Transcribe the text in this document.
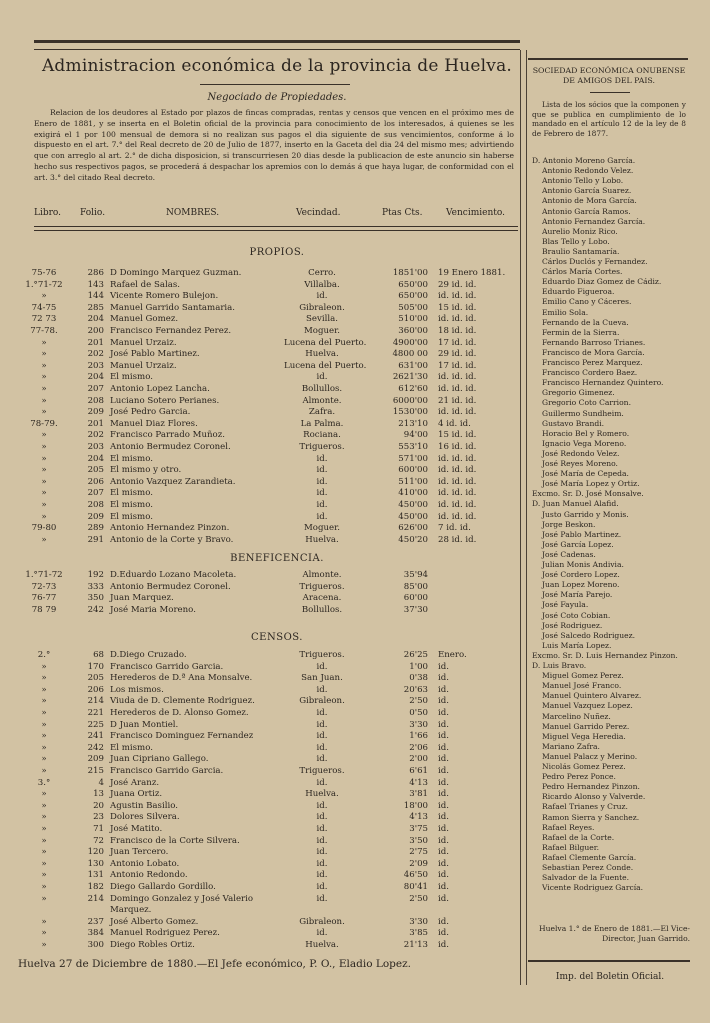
Administracion económica de la provincia de Huelva.
Negociado de Propiedades.
Relacion de los deudores al Estado por plazos de fincas compradas, rentas y censos que vencen en el próximo mes de Enero de 1881, y se inserta en el Boletin oficial de la provincia para conocimiento de los interesados, á quienes se les exigirá el 1 por 100 mensual de demora si no realizan sus pagos el dia siguiente de sus vencimientos, conforme á lo dispuesto en el art. 7.° del Real decreto de 20 de Julio de 1877, inserto en la Gaceta del dia 24 del mismo mes; advirtiendo que con arreglo al art. 2.° de dicha disposicion, si transcurriesen 20 dias desde la publicacion de este anuncio sin haberse hecho sus respectivos pagos, se procederá á despachar los apremios con lo demás á que haya lugar, de conformidad con el art. 3.° del citado Real decreto.
Libro. Folio.	NOMBRES.	Vecindad.	Ptas Cts.	Vencimiento.
PROPIOS.
75-76	286 D Domingo Marquez Guzman.	Cerro.	1851'00 19 Enero 1881.
1.°71-72	143 Rafael de Salas.	Villalba.	650'00 29 id. id.
»	144 Vicente Romero Bulejon.	id.	650'00 id. id. id.
74-75	285 Manuel Garrido Santamaria.	Gibraleon.	505'00 15 id. id.
72 73	204 Manuel Gomez.	Sevilla.	510'00 id. id. id.
77-78.	200 Francisco Fernandez Perez.	Moguer.	360'00 18 id. id.
»	201 Manuel Urzaiz.	Lucena del Puerto.	4900'00 17 id. id.
»	202 José Pablo Martinez.	Huelva.	4800 00 29 id. id.
»	203 Manuel Urzaiz.	Lucena del Puerto.	631'00 17 id. id.
»	204 El mismo.	id.	2621'30 id. id. id.
»	207 Antonio Lopez Lancha.	Bollullos.	612'60 id. id. id.
»	208 Luciano Sotero Perianes.	Almonte.	6000'00 21 id. id.
»	209 José Pedro Garcia.	Zafra.	1530'00 id. id. id.
78-79.	201 Manuel Diaz Flores.	La Palma.	213'10 4 id. id.
»	202 Francisco Parrado Muñoz.	Rociana.	94'00 15 id. id.
»	203 Antonio Bermudez Coronel.	Trigueros.	553'10 16 id. id.
»	204 El mismo.	id.	571'00 id. id. id.
»	205 El mismo y otro.	id.	600'00 id. id. id.
»	206 Antonio Vazquez Zarandieta.	id.	511'00 id. id. id.
»	207 El mismo.	id.	410'00 id. id. id.
»	208 El mismo.	id.	450'00 id. id. id.
»	209 El mismo.	id.	450'00 id. id. id.
79-80	289 Antonio Hernandez Pinzon.	Moguer.	626'00 7 id. id.
»	291 Antonio de la Corte y Bravo.	Huelva.	450'20 28 id. id.
BENEFICENCIA.
1.°71-72	192 D.Eduardo Lozano Macoleta.	Almonte.	35'94
72-73	333 Antonio Bermudez Coronel.	Trigueros.	85'00
76-77	350 Juan Marquez.	Aracena.	60'00
78 79	242 José Maria Moreno.	Bollullos.	37'30
CENSOS.
2.°	68 D.Diego Cruzado.	Trigueros.	26'25 Enero.
»	170 Francisco Garrido Garcia.	id.	1'00 id.
»	205 Herederos de D.ª Ana Monsalve.	San Juan.	0'38 id.
»	206 Los mismos.	id.	20'63 id.
»	214 Viuda de D. Clemente Rodriguez.	Gibraleon.	2'50 id.
»	221 Herederos de D. Alonso Gomez.	id.	0'50 id.
»	225 D Juan Montiel.	id.	3'30 id.
»	241 Francisco Dominguez Fernandez	id.	1'66 id.
»	242 El mismo.	id.	2'06 id.
»	209 Juan Cipriano Gallego.	id.	2'00 id.
»	215 Francisco Garrido Garcia.	Trigueros.	6'61 id.
3.°	4 José Aranz.	id.	4'13 id.
»	13 Juana Ortiz.	Huelva.	3'81 id.
»	20 Agustin Basilio.	id.	18'00 id.
»	23 Dolores Silvera.	id.	4'13 id.
»	71 José Matito.	id.	3'75 id.
»	72 Francisco de la Corte Silvera.	id.	3'50 id.
»	120 Juan Tercero.	id.	2'75 id.
»	130 Antonio Lobato.	id.	2'09 id.
»	131 Antonio Redondo.	id.	46'50 id.
»	182 Diego Gallardo Gordillo.	id.	80'41 id.
»	214 Domingo Gonzalez y José Valerio	id.	2'50 id.
Marquez.
»	237 José Alberto Gomez.	Gibraleon.	3'30 id.
»	384 Manuel Rodriguez Perez.	id.	3'85 id.
»	300 Diego Robles Ortiz.	Huelva.	21'13 id.
Huelva 27 de Diciembre de 1880.—El Jefe económico, P. O., Eladio Lopez.
SOCIEDAD ECONÓMICA ONUBENSE DE AMIGOS DEL PAIS.
Lista de los sócios que la componen y que se publica en cumplimiento de lo mandado en el artículo 12 de la ley de 8 de Febrero de 1877.
D. Antonio Moreno García.
Antonio Redondo Velez.
Antonio Tello y Lobo.
Antonio García Suarez.
Antonio de Mora García.
Antonio García Ramos.
Antonio Fernandez García.
Aurelio Moniz Rico.
Blas Tello y Lobo.
Braulio Santamaría.
Cárlos Duclós y Fernandez.
Cárlos María Cortes.
Eduardo Diaz Gomez de Cádiz.
Eduardo Figueroa.
Emilio Cano y Cáceres.
Emilio Sola.
Fernando de la Cueva.
Fermin de la Sierra.
Fernando Barroso Trianes.
Francisco de Mora García.
Francisco Perez Marquez.
Francisco Cordero Baez.
Francisco Hernandez Quintero.
Gregorio Gimenez.
Gregorio Coto Carrion.
Guillermo Sundheim.
Gustavo Brandi.
Horacio Bel y Romero.
Ignacio Vega Moreno.
José Redondo Velez.
José Reyes Moreno.
José María de Cepeda.
José María Lopez y Ortiz.
Excmo. Sr. D. José Monsalve.
D. Juan Manuel Alafid.
Justo Garrido y Monis.
Jorge Beskon.
José Pablo Martinez.
José García Lopez.
José Cadenas.
Julian Monis Andivia.
José Cordero Lopez.
Juan Lopez Moreno.
José María Parejo.
José Fayula.
José Coto Cobian.
José Rodriguez.
José Salcedo Rodriguez.
Luis María Lopez.
Excmo. Sr. D. Luis Hernandez Pinzon.
D. Luis Bravo.
Miguel Gomez Perez.
Manuel José Franco.
Manuel Quintero Alvarez.
Manuel Vazquez Lopez.
Marcelino Nuñez.
Manuel Garrido Perez.
Miguel Vega Heredia.
Mariano Zafra.
Manuel Palacz y Merino.
Nicolás Gomez Perez.
Pedro Perez Ponce.
Pedro Hernandez Pinzon.
Ricardo Alonso y Valverde.
Rafael Trianes y Cruz.
Ramon Sierra y Sanchez.
Rafael Reyes.
Rafael de la Corte.
Rafael Bilguer.
Rafael Clemente García.
Sebastian Perez Conde.
Salvador de la Fuente.
Vicente Rodriguez García.
Huelva 1.° de Enero de 1881.—El Vice-Director, Juan Garrido.
Imp. del Boletin Oficial.
